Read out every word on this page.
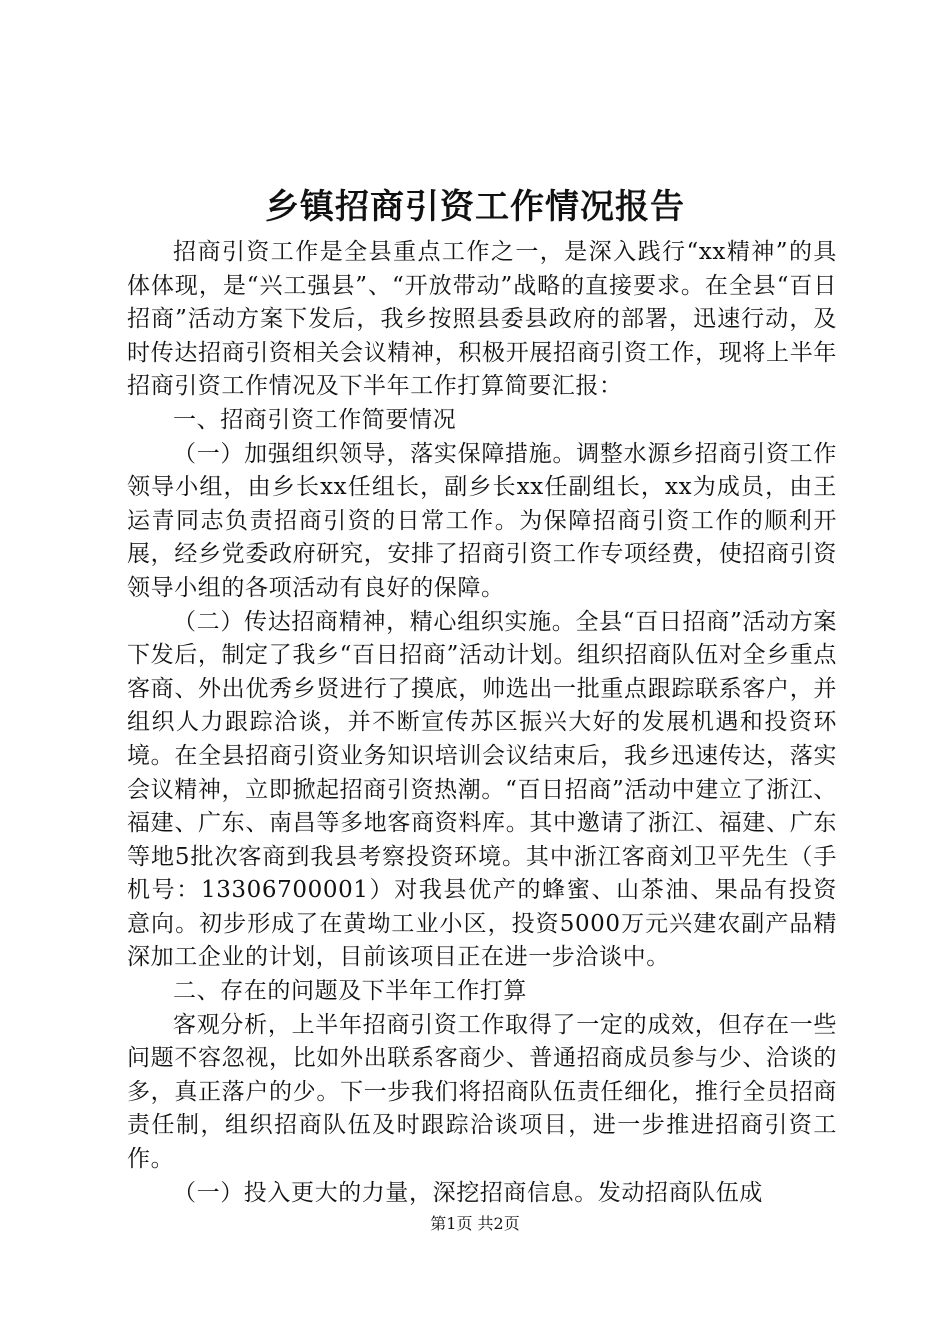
乡镇招商引资工作情况报告

招商引资工作是全县重点工作之一，是深入践行“xx精神”的具体体现，是“兴工强县”、“开放带动”战略的直接要求。在全县“百日招商”活动方案下发后，我乡按照县委县政府的部署，迅速行动，及时传达招商引资相关会议精神，积极开展招商引资工作，现将上半年招商引资工作情况及下半年工作打算简要汇报：

一、招商引资工作简要情况

（一）加强组织领导，落实保障措施。调整水源乡招商引资工作领导小组，由乡长xx任组长，副乡长xx任副组长，xx为成员，由王运青同志负责招商引资的日常工作。为保障招商引资工作的顺利开展，经乡党委政府研究，安排了招商引资工作专项经费，使招商引资领导小组的各项活动有良好的保障。

（二）传达招商精神，精心组织实施。全县“百日招商”活动方案下发后，制定了我乡“百日招商”活动计划。组织招商队伍对全乡重点客商、外出优秀乡贤进行了摸底，帅选出一批重点跟踪联系客户，并组织人力跟踪洽谈，并不断宣传苏区振兴大好的发展机遇和投资环境。在全县招商引资业务知识培训会议结束后，我乡迅速传达，落实会议精神，立即掀起招商引资热潮。“百日招商”活动中建立了浙江、福建、广东、南昌等多地客商资料库。其中邀请了浙江、福建、广东等地5批次客商到我县考察投资环境。其中浙江客商刘卫平先生（手机号：13306700001）对我县优产的蜂蜜、山茶油、果品有投资意向。初步形成了在黄坳工业小区，投资5000万元兴建农副产品精深加工企业的计划，目前该项目正在进一步洽谈中。

二、存在的问题及下半年工作打算

客观分析，上半年招商引资工作取得了一定的成效，但存在一些问题不容忽视，比如外出联系客商少、普通招商成员参与少、洽谈的多，真正落户的少。下一步我们将招商队伍责任细化，推行全员招商责任制，组织招商队伍及时跟踪洽谈项目，进一步推进招商引资工作。

（一）投入更大的力量，深挖招商信息。发动招商队伍成

第1页 共2页
